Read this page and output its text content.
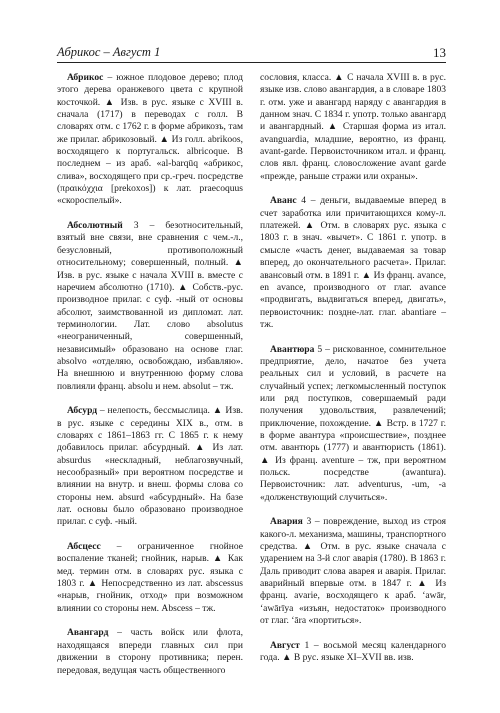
Абрикос – Август 1	13

Абрикос – южное плодовое дерево; плод этого дерева оранжевого цвета с крупной косточкой. ▲ Изв. в рус. языке с XVIII в. сначала (1717) в переводах с голл. В словарях отм. с 1762 г. в форме абрикозъ, там же прилаг. абрикозовый. ▲ Из голл. abrikoos, восходящего к португальск. albricoque. В последнем – из араб. «al-barqūq «абрикос, слива», восходящего при ср.-греч. посредстве (πραικόχχια [prekoxos]) к лат. praecoquus «скороспелый».

Абсолютный 3 – безотносительный, взятый вне связи, вне сравнения с чем.-л., безусловный, противоположный относительному; совершенный, полный. ▲ Изв. в рус. языке с начала XVIII в. вместе с наречием абсолютно (1710). ▲ Собств.-рус. производное прилаг. с суф. -ный от основы абсолют, заимствованной из дипломат. лат. терминологии. Лат. слово absolutus «неограниченный, совершенный, независимый» образовано на основе глаг. absolvo «отделяю, освобождаю, избавляю». На внешнюю и внутреннюю форму слова повлияли франц. absolu и нем. absolut – тж.

Абсурд – нелепость, бессмыслица. ▲ Изв. в рус. языке с середины XIX в., отм. в словарях с 1861–1863 гг. С 1865 г. к нему добавилось прилаг. абсурдный. ▲ Из лат. absurdus «нескладный, неблагозвучный, несообразный» при вероятном посредстве и влиянии на внутр. и внеш. формы слова со стороны нем. absurd «абсурдный». На базе лат. основы было образовано производное прилаг. с суф. -ный.

Абсцесс – ограниченное гнойное воспаление тканей; гнойник, нарыв. ▲ Как мед. термин отм. в словарях рус. языка с 1803 г. ▲ Непосредственно из лат. abscessus «нарыв, гнойник, отход» при возможном влиянии со стороны нем. Abscess – тж.

Авангард – часть войск или флота, находящаяся впереди главных сил при движении в сторону противника; перен. передовая, ведущая часть общественного

сословия, класса. ▲ С начала XVIII в. в рус. языке изв. слово авангардия, а в словаре 1803 г. отм. уже и авангард наряду с авангардия в данном знач. С 1834 г. употр. только авангард и авангардный. ▲ Старшая форма из итал. avanguardia, младшие, вероятно, из франц. avant-garde. Первоисточником итал. и франц. слов явл. франц. словосложение avant garde «прежде, раньше стражи или охраны».

Аванс 4 – деньги, выдаваемые вперед в счет заработка или причитающихся кому-л. платежей. ▲ Отм. в словарях рус. языка с 1803 г. в знач. «вычет». С 1861 г. употр. в смысле «часть денег, выдаваемая за товар вперед, до окончательного расчета». Прилаг. авансовый отм. в 1891 г. ▲ Из франц. avance, en avance, производного от глаг. avance «продвигать, выдвигаться вперед, двигать», первоисточник: поздне-лат. глаг. abantiare – тж.

Авантюра 5 – рискованное, сомнительное предприятие, дело, начатое без учета реальных сил и условий, в расчете на случайный успех; легкомысленный поступок или ряд поступков, совершаемый ради получения удовольствия, развлечений; приключение, похождение. ▲ Встр. в 1727 г. в форме авантура «происшествие», позднее отм. авантюрь (1777) и авантюристь (1861). ▲ Из франц. aventure – тж, при вероятном польск. посредстве (awantura). Первоисточник: лат. adventurus, -um, -a «долженствующий случиться».

Авария 3 – повреждение, выход из строя какого-л. механизма, машины, транспортного средства. ▲ Отм. в рус. языке сначала с ударением на 3-й слог аварія (1780). В 1863 г. Даль приводит слова аварея и аварія. Прилаг. аварийный впервые отм. в 1847 г. ▲ Из франц. avarie, восходящего к араб. ʻawār, ʻawārīya «изъян, недостаток» производного от глаг. ʻāra «портиться».

Август 1 – восьмой месяц календарного года. ▲ В рус. языке XI–XVII вв. изв.
